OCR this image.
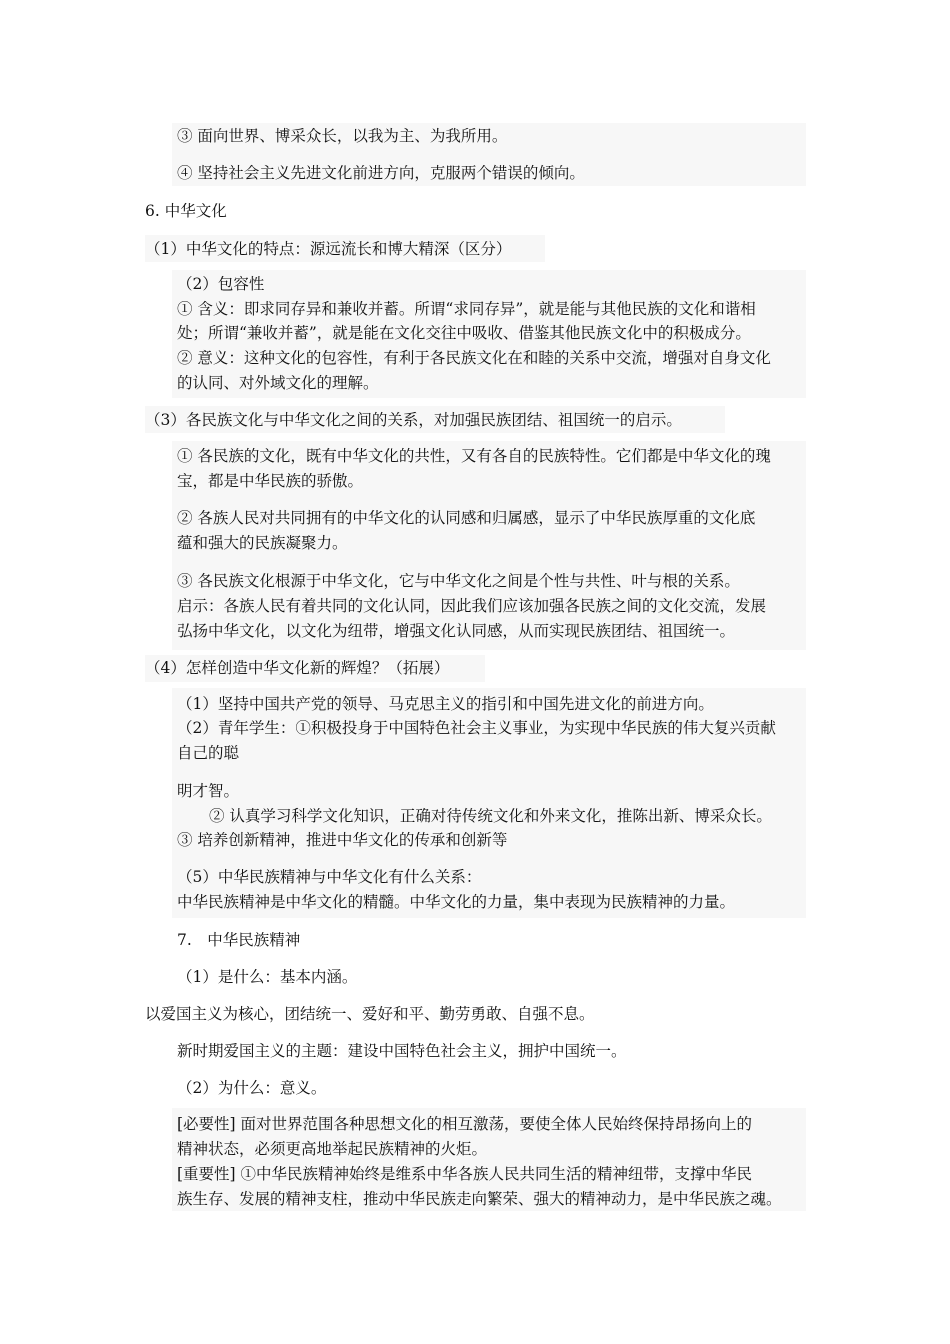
③ 面向世界、博采众长，以我为主、为我所用。
④ 坚持社会主义先进文化前进方向，克服两个错误的倾向。
6. 中华文化
（1）中华文化的特点：源远流长和博大精深（区分）
（2）包容性
① 含义：即求同存异和兼收并蓄。所谓“求同存异”，就是能与其他民族的文化和谐相
处；所谓“兼收并蓄”，就是能在文化交往中吸收、借鉴其他民族文化中的积极成分。
② 意义：这种文化的包容性，有利于各民族文化在和睦的关系中交流，增强对自身文化
的认同、对外域文化的理解。
（3）各民族文化与中华文化之间的关系，对加强民族团结、祖国统一的启示。
① 各民族的文化，既有中华文化的共性，又有各自的民族特性。它们都是中华文化的瑰
宝，都是中华民族的骄傲。
② 各族人民对共同拥有的中华文化的认同感和归属感，显示了中华民族厚重的文化底
蕴和强大的民族凝聚力。
③ 各民族文化根源于中华文化，它与中华文化之间是个性与共性、叶与根的关系。
启示：各族人民有着共同的文化认同，因此我们应该加强各民族之间的文化交流，发展
弘扬中华文化，以文化为纽带，增强文化认同感，从而实现民族团结、祖国统一。
（4）怎样创造中华文化新的辉煌？（拓展）
（1）坚持中国共产党的领导、马克思主义的指引和中国先进文化的前进方向。
（2）青年学生：①积极投身于中国特色社会主义事业，为实现中华民族的伟大复兴贡献
自己的聪
明才智。
② 认真学习科学文化知识，正确对待传统文化和外来文化，推陈出新、博采众长。
③ 培养创新精神，推进中华文化的传承和创新等
（5）中华民族精神与中华文化有什么关系：
中华民族精神是中华文化的精髓。中华文化的力量，集中表现为民族精神的力量。
7.　中华民族精神
（1）是什么：基本内涵。
以爱国主义为核心，团结统一、爱好和平、勤劳勇敢、自强不息。
新时期爱国主义的主题：建设中国特色社会主义，拥护中国统一。
（2）为什么：意义。
[必要性] 面对世界范围各种思想文化的相互激荡，要使全体人民始终保持昂扬向上的
精神状态，必须更高地举起民族精神的火炬。
[重要性] ①中华民族精神始终是维系中华各族人民共同生活的精神纽带，支撑中华民
族生存、发展的精神支柱，推动中华民族走向繁荣、强大的精神动力，是中华民族之魂。
